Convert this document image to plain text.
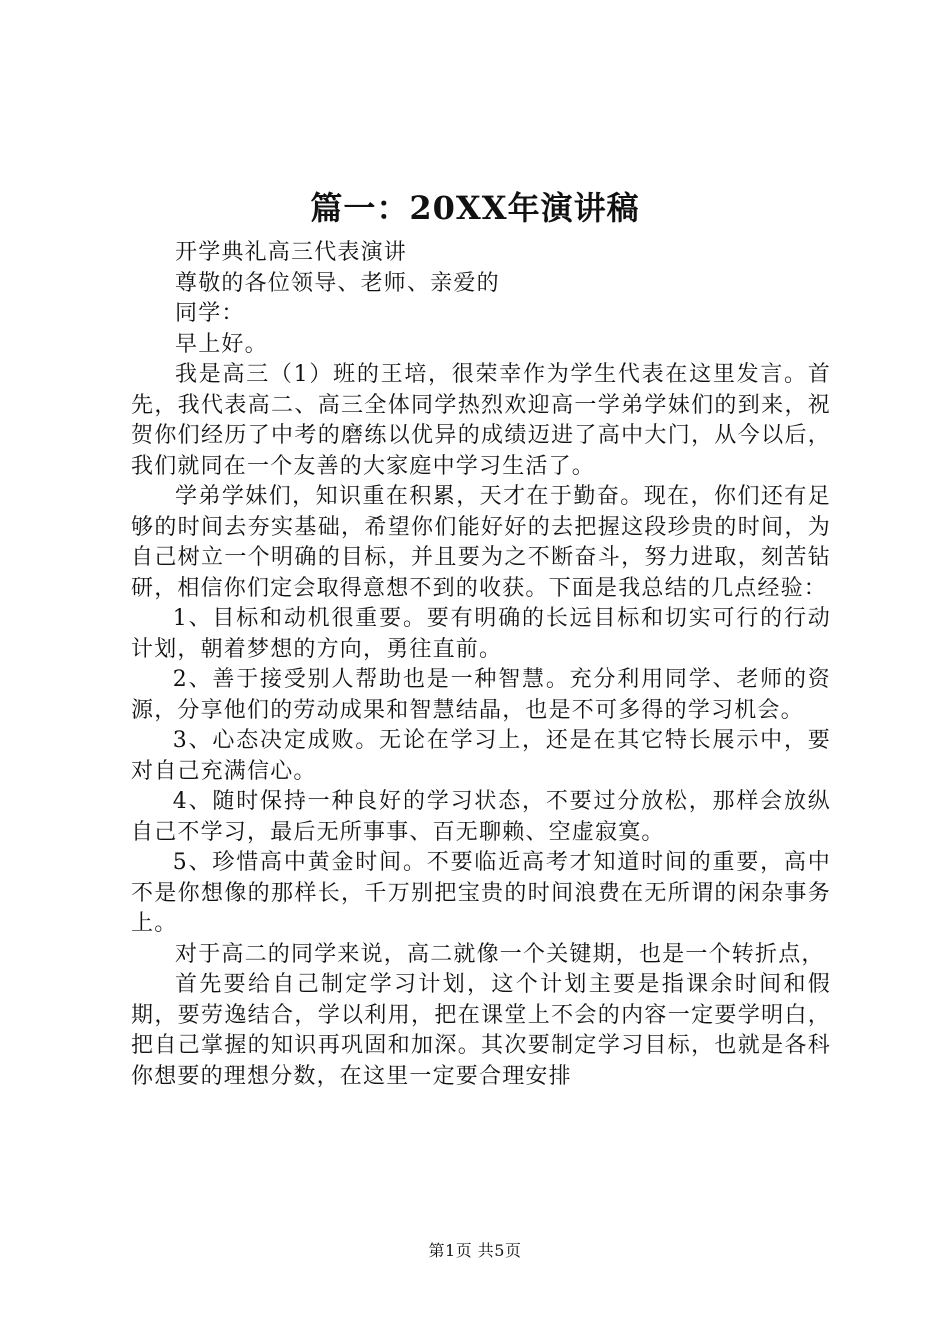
篇一：20XX年演讲稿

开学典礼高三代表演讲

尊敬的各位领导、老师、亲爱的

同学：

早上好。

我是高三（1）班的王培，很荣幸作为学生代表在这里发言。首先，我代表高二、高三全体同学热烈欢迎高一学弟学妹们的到来，祝贺你们经历了中考的磨练以优异的成绩迈进了高中大门，从今以后，我们就同在一个友善的大家庭中学习生活了。

学弟学妹们，知识重在积累，天才在于勤奋。现在，你们还有足够的时间去夯实基础，希望你们能好好的去把握这段珍贵的时间，为自己树立一个明确的目标，并且要为之不断奋斗，努力进取，刻苦钻研，相信你们定会取得意想不到的收获。下面是我总结的几点经验：

1、目标和动机很重要。要有明确的长远目标和切实可行的行动计划，朝着梦想的方向，勇往直前。

2、善于接受别人帮助也是一种智慧。充分利用同学、老师的资源，分享他们的劳动成果和智慧结晶，也是不可多得的学习机会。

3、心态决定成败。无论在学习上，还是在其它特长展示中，要对自己充满信心。

4、随时保持一种良好的学习状态，不要过分放松，那样会放纵自己不学习，最后无所事事、百无聊赖、空虚寂寞。

5、珍惜高中黄金时间。不要临近高考才知道时间的重要，高中不是你想像的那样长，千万别把宝贵的时间浪费在无所谓的闲杂事务上。

对于高二的同学来说，高二就像一个关键期，也是一个转折点，

首先要给自己制定学习计划，这个计划主要是指课余时间和假期，要劳逸结合，学以利用，把在课堂上不会的内容一定要学明白，把自己掌握的知识再巩固和加深。其次要制定学习目标，也就是各科你想要的理想分数，在这里一定要合理安排

第1页 共5页
